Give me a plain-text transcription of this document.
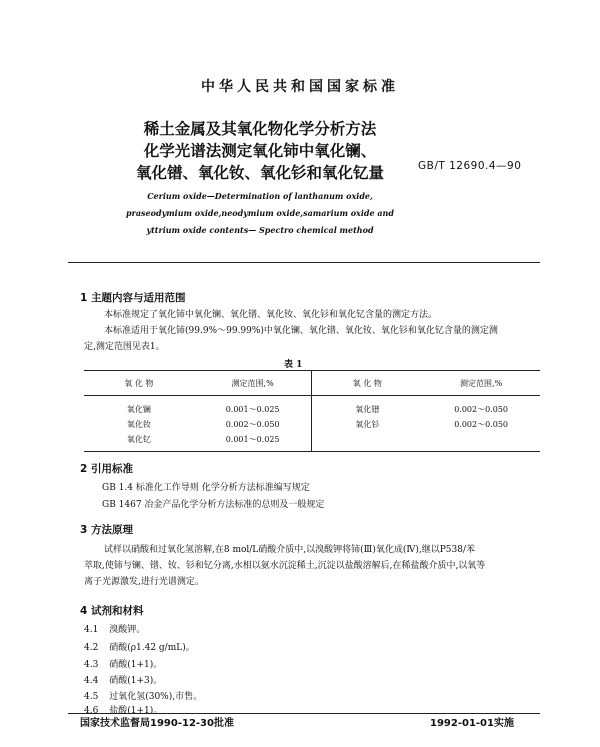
中华人民共和国国家标准
稀土金属及其氧化物化学分析方法
化学光谱法测定氧化铈中氧化镧、
氧化镨、氧化钕、氧化钐和氧化钇量	GB/T 12690.4—90
Cerium oxide—Determination of lanthanum oxide,
praseodymium oxide,neodymium oxide,samarium oxide and
yttrium oxide contents— Spectro chemical method
1 主题内容与适用范围
本标准规定了氧化铈中氧化镧、氧化镨、氧化钕、氧化钐和氧化钇含量的测定方法。
本标准适用于氧化铈(99.9%～99.99%)中氧化镧、氧化镨、氧化钕、氧化钐和氧化钇含量的测定测
定,测定范围见表1。
表 1
氧 化 物	测定范围,%	氧 化 物	测定范围,%
氧化镧	0.001～0.025	氧化镨	0.002～0.050
氧化钕	0.002～0.050	氧化钐	0.002～0.050
氧化钇	0.001～0.025		
2 引用标准
GB 1.4 标准化工作导则 化学分析方法标准编写规定
GB 1467 冶金产品化学分析方法标准的总则及一般规定
3 方法原理
试样以硝酸和过氧化氢溶解,在8 mol/L硝酸介质中,以溴酸钾将铈(Ⅲ)氧化成(Ⅳ),继以P538/苯
萃取,使铈与镧、镨、钕、钐和钇分离,水相以氨水沉淀稀土,沉淀以盐酸溶解后,在稀盐酸介质中,以氧等
离子光源激发,进行光谱测定。
4 试剂和材料
4.1 溴酸钾。
4.2 硝酸(ρ1.42 g/mL)。
4.3 硝酸(1+1)。
4.4 硝酸(1+3)。
4.5 过氧化氢(30%),市售。
4.6 盐酸(1+1)。
国家技术监督局1990-12-30批准	1992-01-01实施
